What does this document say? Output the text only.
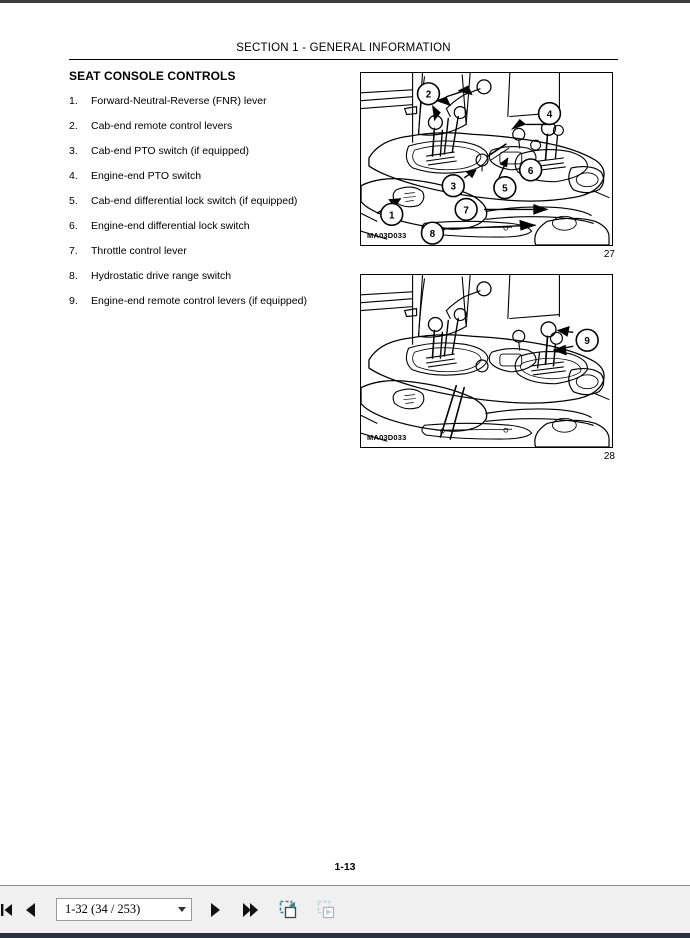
SECTION 1 - GENERAL INFORMATION
SEAT CONSOLE CONTROLS
1.	Forward-Neutral-Reverse (FNR) lever
2.	Cab-end remote control levers
3.	Cab-end PTO switch (if equipped)
4.	Engine-end PTO switch
5.	Cab-end differential lock switch (if equipped)
6.	Engine-end differential lock switch
7.	Throttle control lever
8.	Hydrostatic drive range switch
9.	Engine-end remote control levers (if equipped)
2
4
3	5
6
1	7
8
MA03D033
27
9
MA03D033
28
1-13
1-32 (34 / 253)
